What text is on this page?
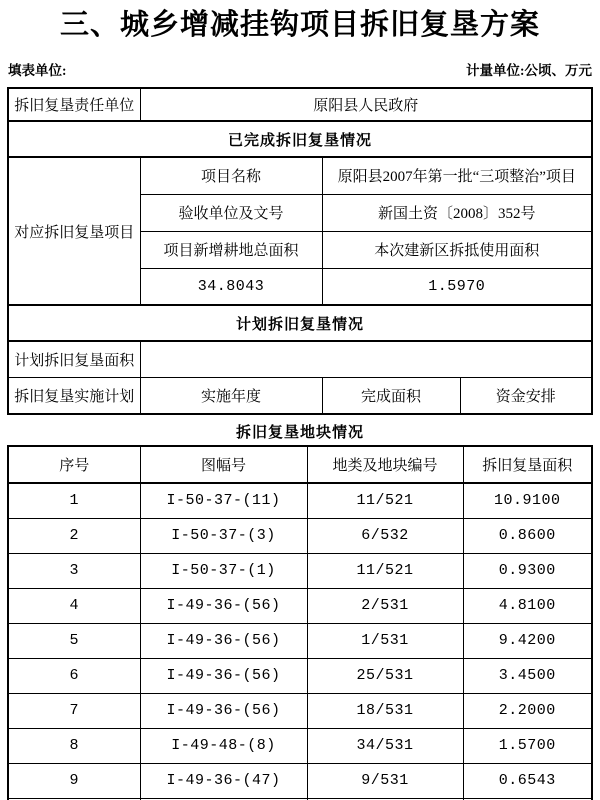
三、城乡增减挂钩项目拆旧复垦方案
填表单位:	计量单位:公顷、万元
拆旧复垦责任单位	原阳县人民政府		
已完成拆旧复垦情况			
对应拆旧复垦项目	项目名称	原阳县2007年第一批“三项整治”项目	
	验收单位及文号	新国土资〔2008〕352号	
	项目新增耕地总面积	本次建新区拆抵使用面积	
	34.8043	1.5970	
计划拆旧复垦情况			
计划拆旧复垦面积			
拆旧复垦实施计划	实施年度	完成面积	资金安排
拆旧复垦地块情况
序号	图幅号	地类及地块编号	拆旧复垦面积
1	I-50-37-(11)	11/521	10.9100
2	I-50-37-(3)	6/532	0.8600
3	I-50-37-(1)	11/521	0.9300
4	I-49-36-(56)	2/531	4.8100
5	I-49-36-(56)	1/531	9.4200
6	I-49-36-(56)	25/531	3.4500
7	I-49-36-(56)	18/531	2.2000
8	I-49-48-(8)	34/531	1.5700
9	I-49-36-(47)	9/531	0.6543
